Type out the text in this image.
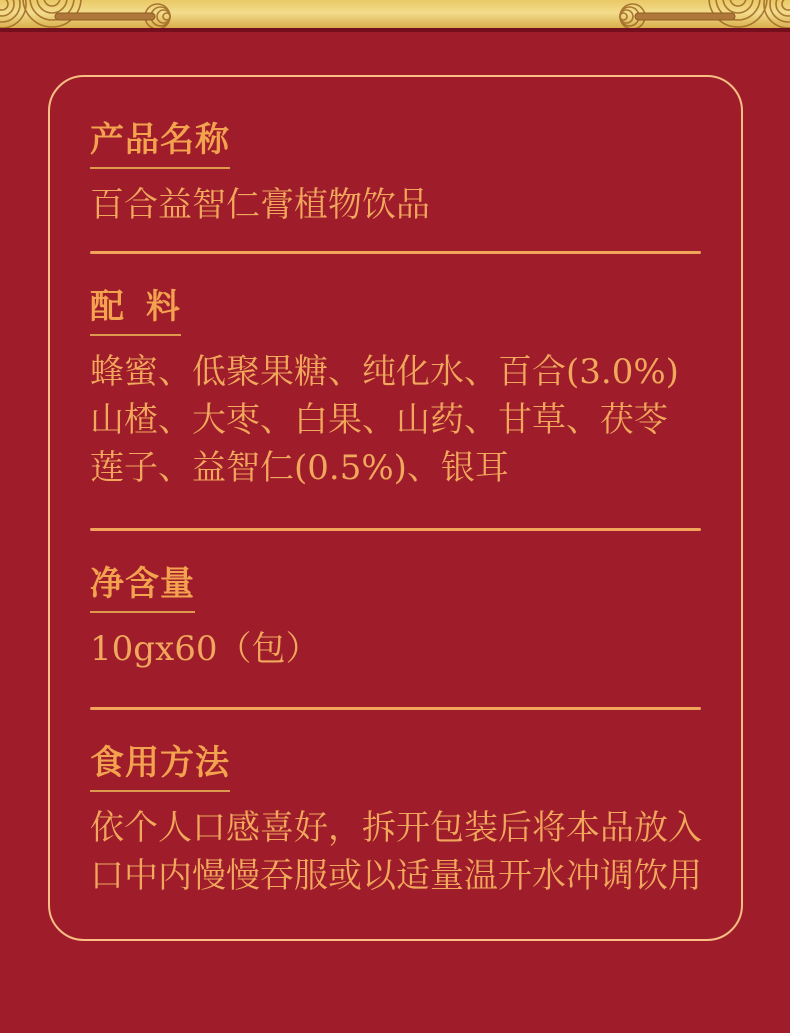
产品名称

百合益智仁膏植物饮品

配  料

蜂蜜、低聚果糖、纯化水、百合(3.0%)

山楂、大枣、白果、山药、甘草、茯苓

莲子、益智仁(0.5%)、银耳

净含量

10gx60（包）

食用方法

依个人口感喜好，拆开包装后将本品放入

口中内慢慢吞服或以适量温开水冲调饮用
